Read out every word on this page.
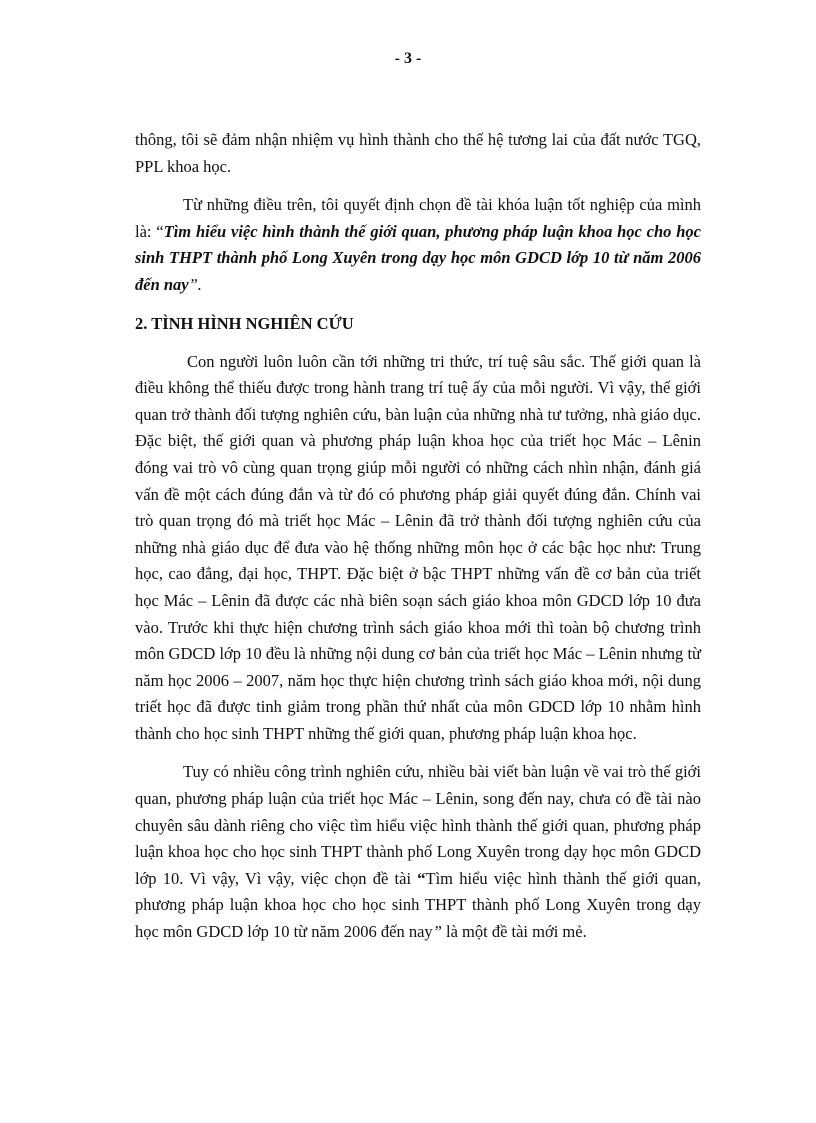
- 3 -

thông, tôi sẽ đảm nhận nhiệm vụ hình thành cho thế hệ tương lai của đất nước TGQ, PPL khoa học.

Từ những điều trên, tôi quyết định chọn đề tài khóa luận tốt nghiệp của mình là: “Tìm hiểu việc hình thành thế giới quan, phương pháp luận khoa học cho học sinh THPT thành phố Long Xuyên trong dạy học môn GDCD lớp 10 từ năm 2006 đến nay”.

2. TÌNH HÌNH NGHIÊN CỨU

Con người luôn luôn cần tới những tri thức, trí tuệ sâu sắc. Thế giới quan là điều không thể thiếu được trong hành trang trí tuệ ấy của mỗi người. Vì vậy, thế giới quan trở thành đối tượng nghiên cứu, bàn luận của những nhà tư tưởng, nhà giáo dục. Đặc biệt, thế giới quan và phương pháp luận khoa học của triết học Mác – Lênin đóng vai trò vô cùng quan trọng giúp mỗi người có những cách nhìn nhận, đánh giá vấn đề một cách đúng đắn và từ đó có phương pháp giải quyết đúng đắn. Chính vai trò quan trọng đó mà triết học Mác – Lênin đã trở thành đối tượng nghiên cứu của những nhà giáo dục để đưa vào hệ thống những môn học ở các bậc học như: Trung học, cao đẳng, đại học, THPT. Đặc biệt ở bậc THPT những vấn đề cơ bản của triết học Mác – Lênin đã được các nhà biên soạn sách giáo khoa môn GDCD lớp 10 đưa vào. Trước khi thực hiện chương trình sách giáo khoa mới thì toàn bộ chương trình môn GDCD lớp 10 đều là những nội dung cơ bản của triết học Mác – Lênin nhưng từ năm học 2006 – 2007, năm học thực hiện chương trình sách giáo khoa mới, nội dung triết học đã được tinh giảm trong phần thứ nhất của môn GDCD lớp 10 nhằm hình thành cho học sinh THPT những thế giới quan, phương pháp luận khoa học.

Tuy có nhiều công trình nghiên cứu, nhiều bài viết bàn luận về vai trò thế giới quan, phương pháp luận của triết học Mác – Lênin, song đến nay, chưa có đề tài nào chuyên sâu dành riêng cho việc tìm hiểu việc hình thành thế giới quan, phương pháp luận khoa học cho học sinh THPT thành phố Long Xuyên trong dạy học môn GDCD lớp 10. Vì vậy, Vì vậy, việc chọn đề tài “Tìm hiểu việc hình thành thế giới quan, phương pháp luận khoa học cho học sinh THPT thành phố Long Xuyên trong dạy học môn GDCD lớp 10 từ năm 2006 đến nay” là một đề tài mới mẻ.
